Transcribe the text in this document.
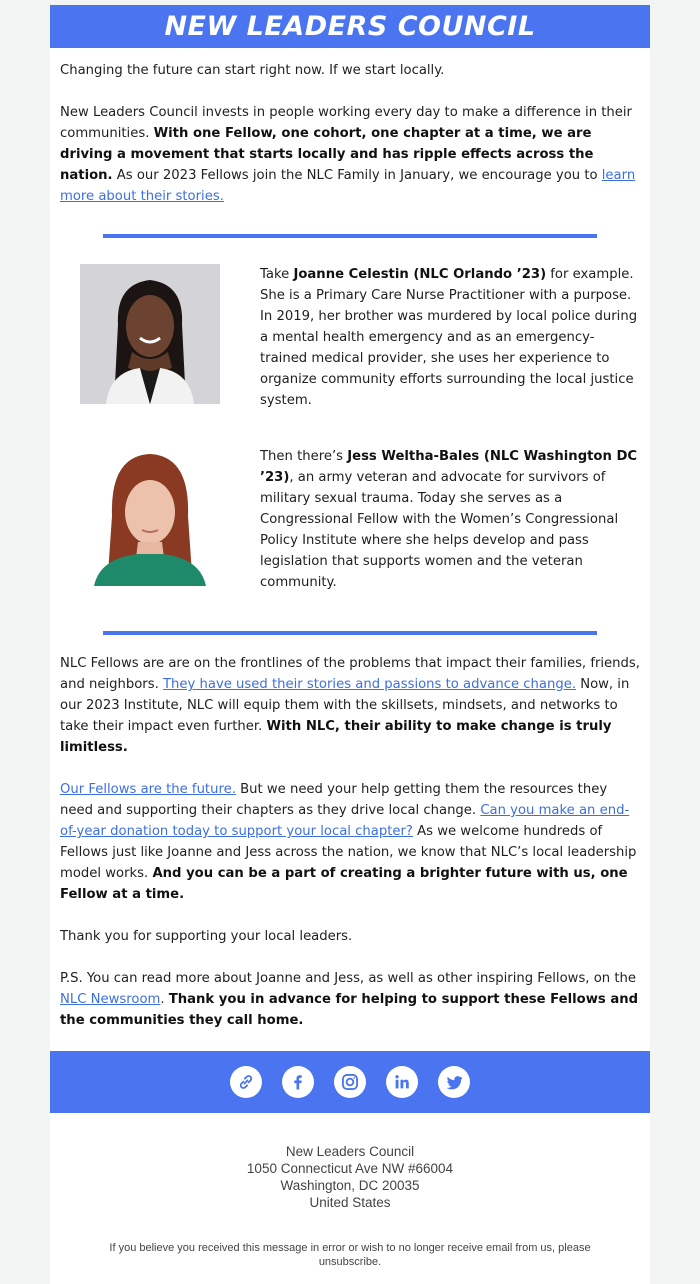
NEW LEADERS COUNCIL

Changing the future can start right now. If we start locally.

New Leaders Council invests in people working every day to make a difference in their communities. With one Fellow, one cohort, one chapter at a time, we are driving a movement that starts locally and has ripple effects across the nation. As our 2023 Fellows join the NLC Family in January, we encourage you to learn more about their stories.

Take Joanne Celestin (NLC Orlando ’23) for example. She is a Primary Care Nurse Practitioner with a purpose. In 2019, her brother was murdered by local police during a mental health emergency and as an emergency-trained medical provider, she uses her experience to organize community efforts surrounding the local justice system.
Then there’s Jess Weltha-Bales (NLC Washington DC ’23), an army veteran and advocate for survivors of military sexual trauma. Today she serves as a Congressional Fellow with the Women’s Congressional Policy Institute where she helps develop and pass legislation that supports women and the veteran community.

NLC Fellows are are on the frontlines of the problems that impact their families, friends, and neighbors. They have used their stories and passions to advance change. Now, in our 2023 Institute, NLC will equip them with the skillsets, mindsets, and networks to take their impact even further. With NLC, their ability to make change is truly limitless.

Our Fellows are the future. But we need your help getting them the resources they need and supporting their chapters as they drive local change. Can you make an end-of-year donation today to support your local chapter? As we welcome hundreds of Fellows just like Joanne and Jess across the nation, we know that NLC’s local leadership model works. And you can be a part of creating a brighter future with us, one Fellow at a time.

Thank you for supporting your local leaders.

P.S. You can read more about Joanne and Jess, as well as other inspiring Fellows, on the NLC Newsroom. Thank you in advance for helping to support these Fellows and the communities they call home.

New Leaders Council
1050 Connecticut Ave NW #66004
Washington, DC 20035
United States
If you believe you received this message in error or wish to no longer receive email from us, please unsubscribe.
